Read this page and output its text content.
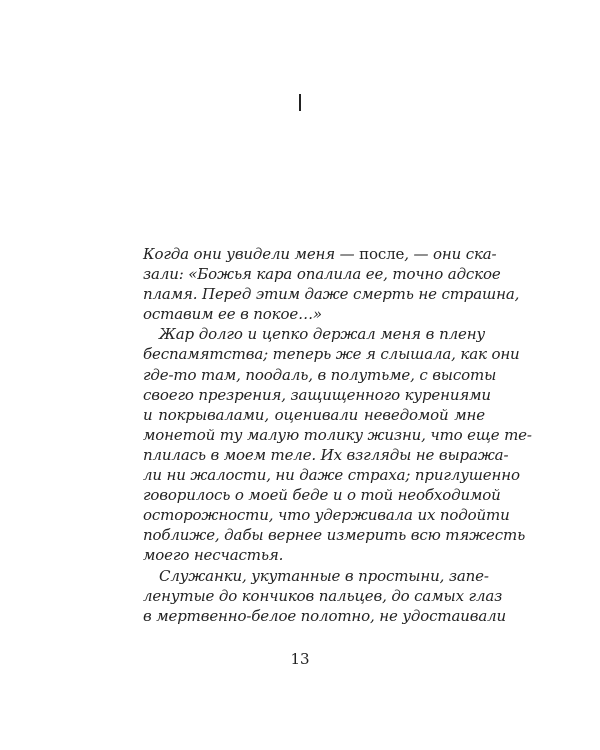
Когда они увидели меня — после, — они ска-
зали: «Божья кара опалила ее, точно адское
пламя. Перед этим даже смерть не страшна,
оставим ее в покое…»
Жар долго и цепко держал меня в плену
беспамятства; теперь же я слышала, как они
где-то там, поодаль, в полутьме, с высоты
своего презрения, защищенного курениями
и покрывалами, оценивали неведомой мне
монетой ту малую толику жизни, что еще те-
плилась в моем теле. Их взгляды не выража-
ли ни жалости, ни даже страха; приглушенно
говорилось о моей беде и о той необходимой
осторожности, что удерживала их подойти
поближе, дабы вернее измерить всю тяжесть
моего несчастья.
Служанки, укутанные в простыни, запе-
ленутые до кончиков пальцев, до самых глаз
в мертвенно-белое полотно, не удостаивали
13
